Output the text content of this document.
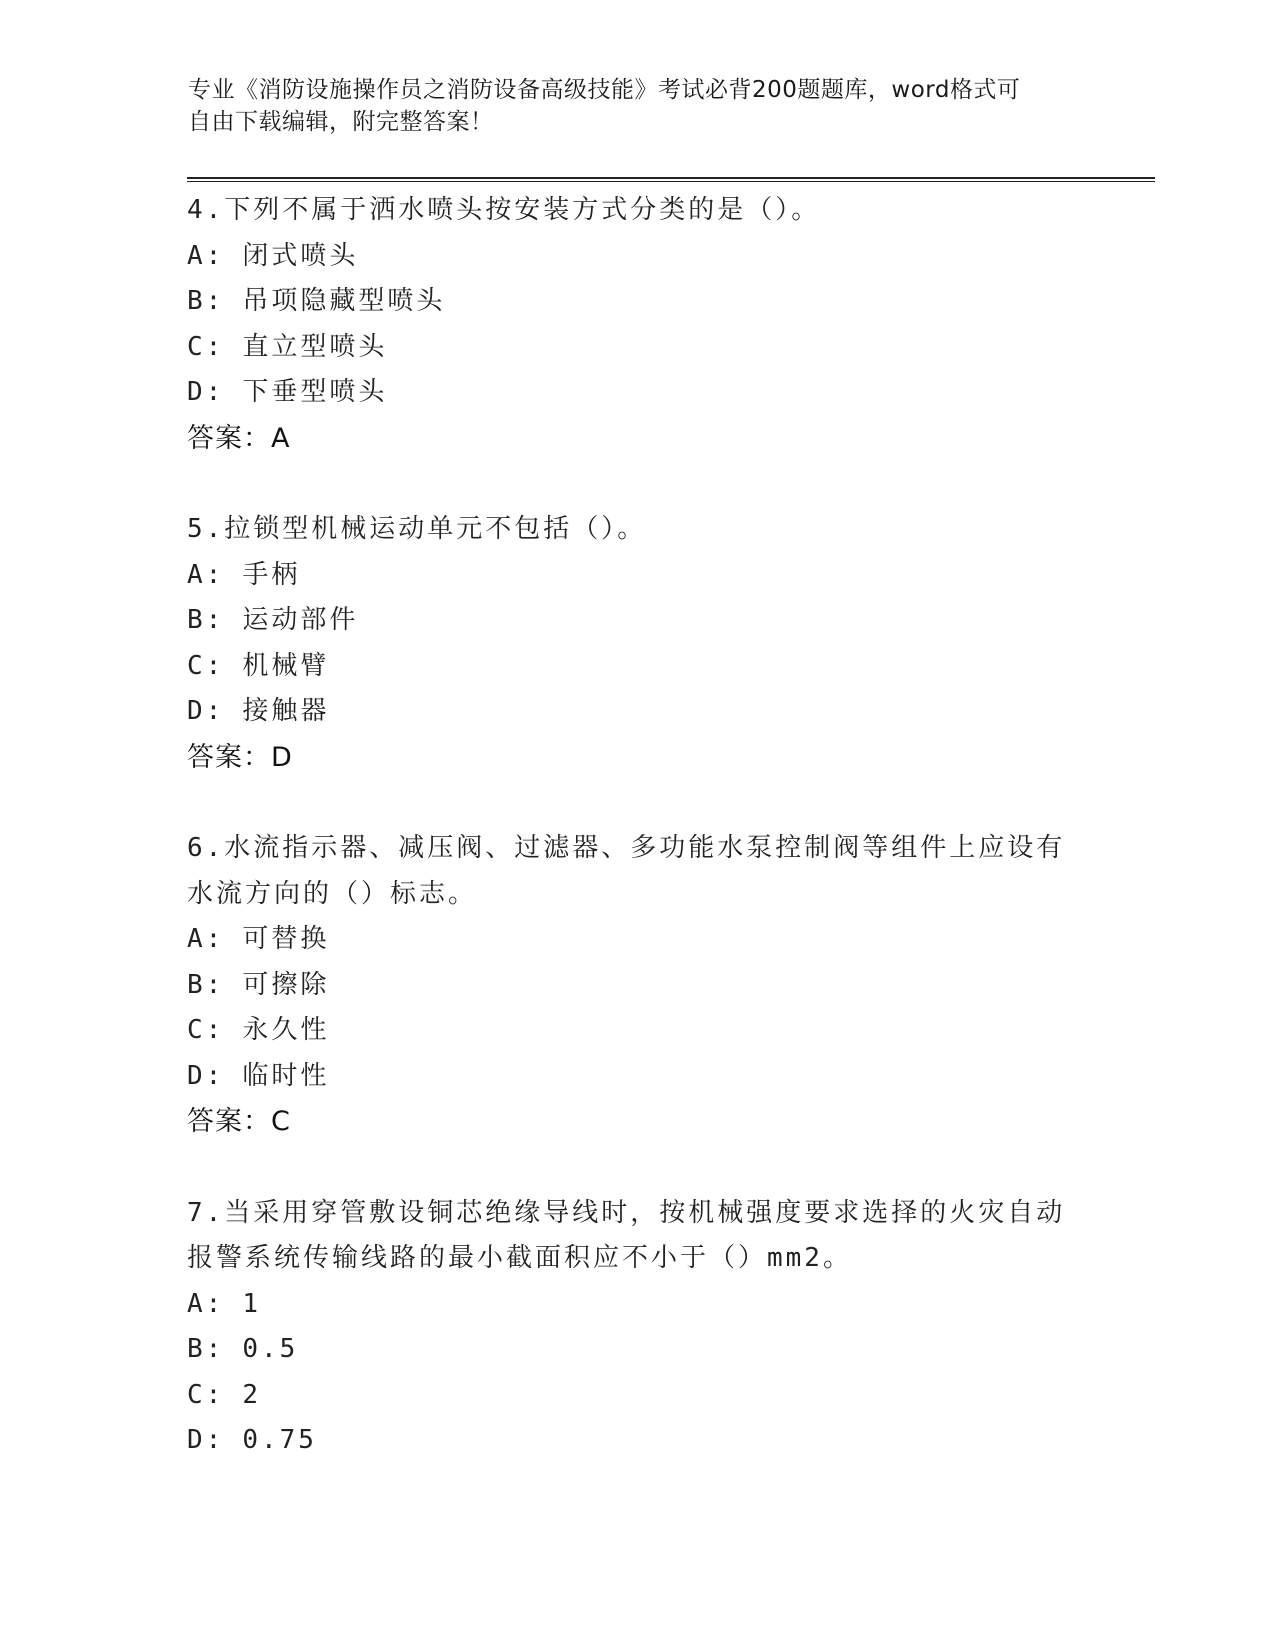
专业《消防设施操作员之消防设备高级技能》考试必背200题题库，word格式可
自由下载编辑，附完整答案！
4.下列不属于洒水喷头按安装方式分类的是（）。
A: 闭式喷头
B: 吊项隐藏型喷头
C: 直立型喷头
D: 下垂型喷头
答案：A
5.拉锁型机械运动单元不包括（）。
A: 手柄
B: 运动部件
C: 机械臂
D: 接触器
答案：D
6.水流指示器、减压阀、过滤器、多功能水泵控制阀等组件上应设有
水流方向的（）标志。
A: 可替换
B: 可擦除
C: 永久性
D: 临时性
答案：C
7.当采用穿管敷设铜芯绝缘导线时，按机械强度要求选择的火灾自动
报警系统传输线路的最小截面积应不小于（）mm2。
A: 1
B: 0.5
C: 2
D: 0.75
